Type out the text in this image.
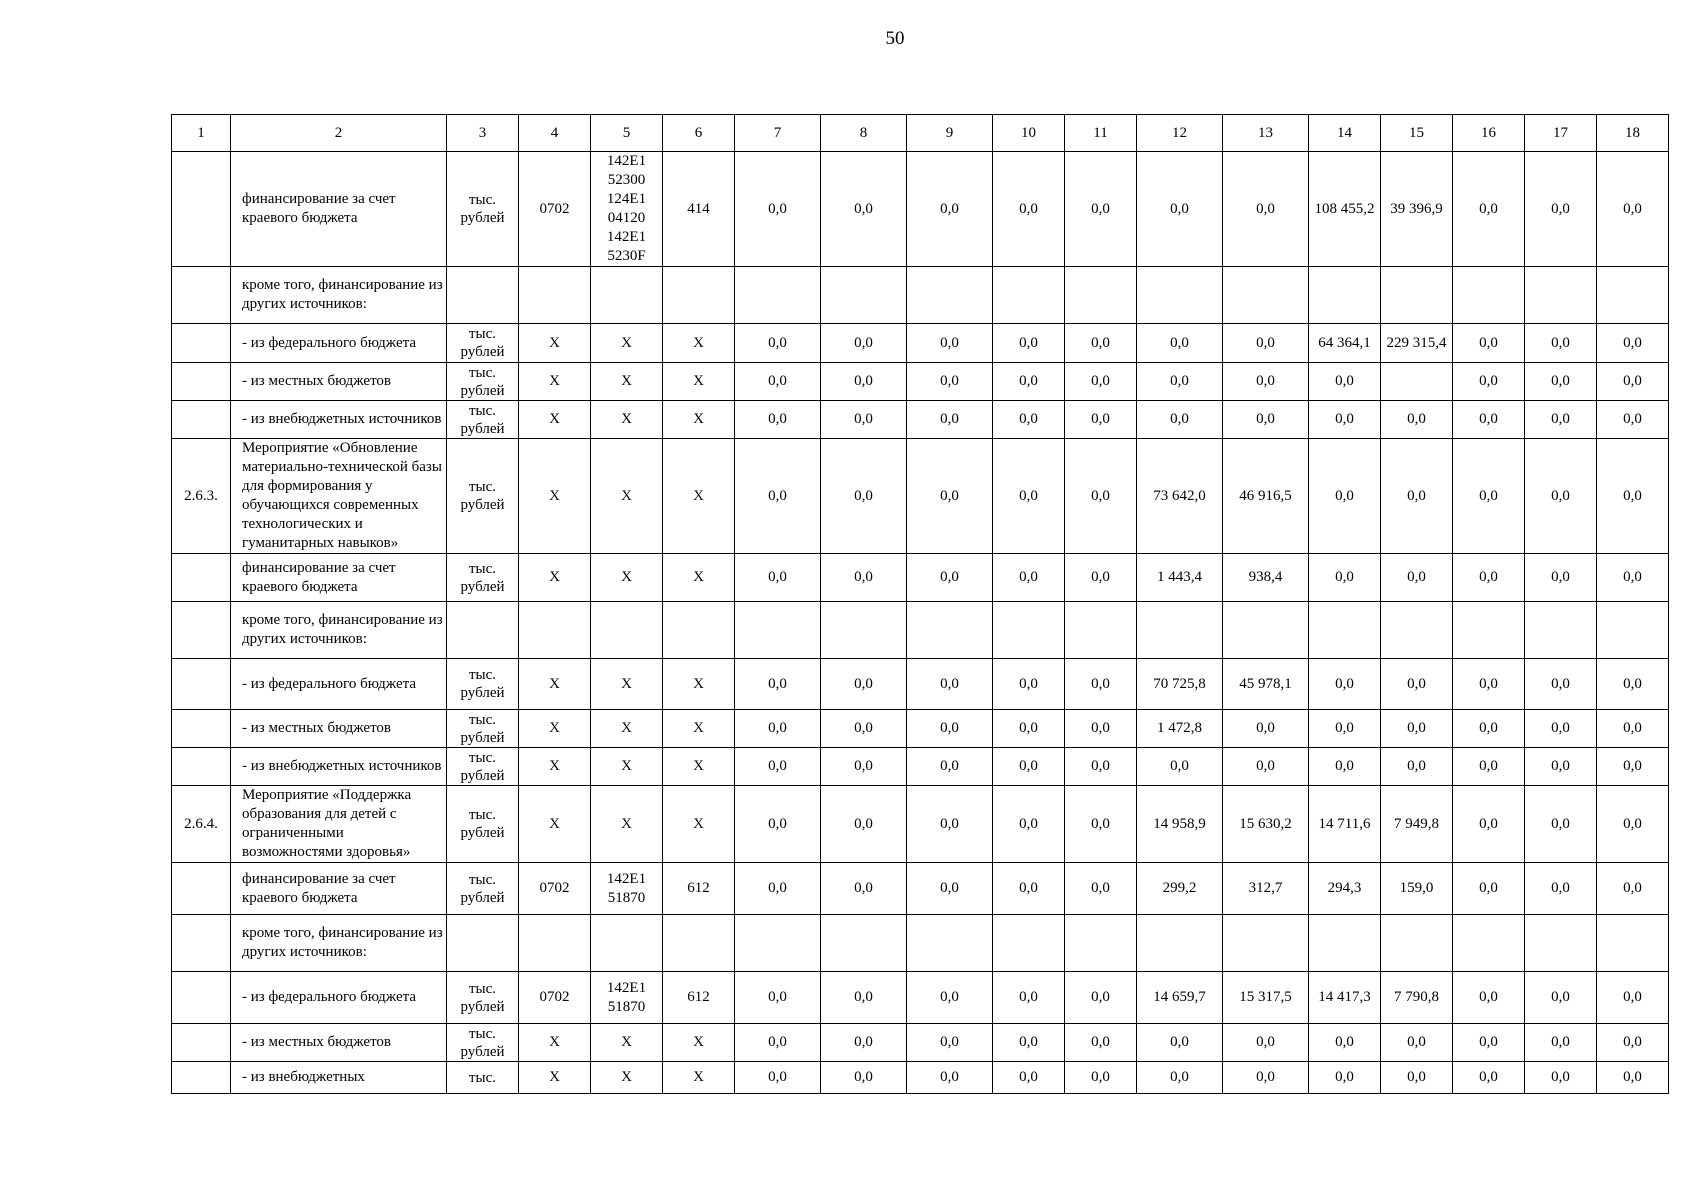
50
1	2	3	4	5	6	7	8	9	10	11	12	13	14	15	16	17	18
	финансирование за счет краевого бюджета	тыс. рублей	0702	142E1 52300 124E1 04120 142E1 5230F	414	0,0	0,0	0,0	0,0	0,0	0,0	0,0	108 455,2	39 396,9	0,0	0,0	0,0
	кроме того, финансирование из других источников:																
	- из федерального бюджета	тыс. рублей	X	X	X	0,0	0,0	0,0	0,0	0,0	0,0	0,0	64 364,1	229 315,4	0,0	0,0	0,0
	- из местных бюджетов	тыс. рублей	X	X	X	0,0	0,0	0,0	0,0	0,0	0,0	0,0	0,0		0,0	0,0	0,0
	- из внебюджетных источников	тыс. рублей	X	X	X	0,0	0,0	0,0	0,0	0,0	0,0	0,0	0,0	0,0	0,0	0,0	0,0
2.6.3.	Мероприятие «Обновление материально-технической базы для формирования у обучающихся современных технологических и гуманитарных навыков»	тыс. рублей	X	X	X	0,0	0,0	0,0	0,0	0,0	73 642,0	46 916,5	0,0	0,0	0,0	0,0	0,0
	финансирование за счет краевого бюджета	тыс. рублей	X	X	X	0,0	0,0	0,0	0,0	0,0	1 443,4	938,4	0,0	0,0	0,0	0,0	0,0
	кроме того, финансирование из других источников:																
	- из федерального бюджета	тыс. рублей	X	X	X	0,0	0,0	0,0	0,0	0,0	70 725,8	45 978,1	0,0	0,0	0,0	0,0	0,0
	- из местных бюджетов	тыс. рублей	X	X	X	0,0	0,0	0,0	0,0	0,0	1 472,8	0,0	0,0	0,0	0,0	0,0	0,0
	- из внебюджетных источников	тыс. рублей	X	X	X	0,0	0,0	0,0	0,0	0,0	0,0	0,0	0,0	0,0	0,0	0,0	0,0
2.6.4.	Мероприятие «Поддержка образования для детей с ограниченными возможностями здоровья»	тыс. рублей	X	X	X	0,0	0,0	0,0	0,0	0,0	14 958,9	15 630,2	14 711,6	7 949,8	0,0	0,0	0,0
	финансирование за счет краевого бюджета	тыс. рублей	0702	142E1 51870	612	0,0	0,0	0,0	0,0	0,0	299,2	312,7	294,3	159,0	0,0	0,0	0,0
	кроме того, финансирование из других источников:																
	- из федерального бюджета	тыс. рублей	0702	142E1 51870	612	0,0	0,0	0,0	0,0	0,0	14 659,7	15 317,5	14 417,3	7 790,8	0,0	0,0	0,0
	- из местных бюджетов	тыс. рублей	X	X	X	0,0	0,0	0,0	0,0	0,0	0,0	0,0	0,0	0,0	0,0	0,0	0,0
	- из внебюджетных	тыс.	X	X	X	0,0	0,0	0,0	0,0	0,0	0,0	0,0	0,0	0,0	0,0	0,0	0,0
